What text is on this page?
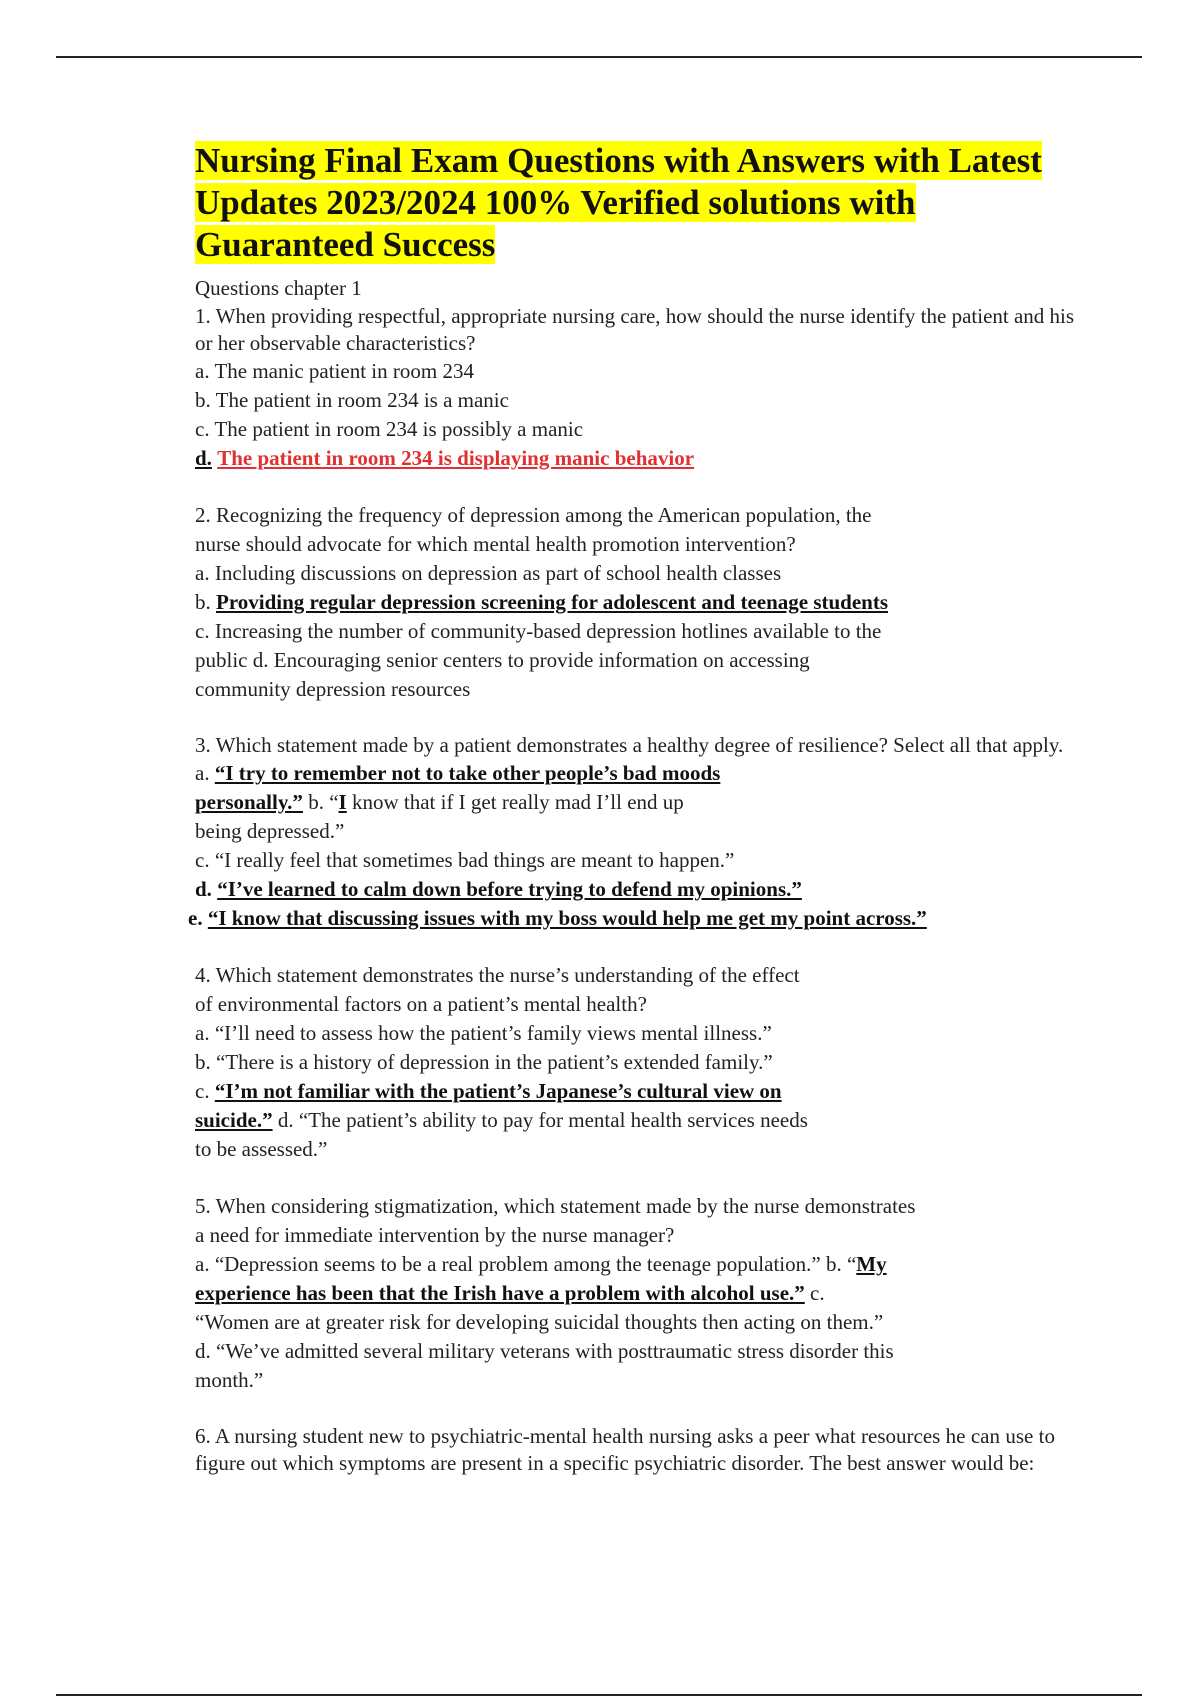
Nursing Final Exam Questions with Answers with Latest Updates 2023/2024 100% Verified solutions with Guaranteed Success

Questions chapter 1

1. When providing respectful, appropriate nursing care, how should the nurse identify the patient and his or her observable characteristics?

a. The manic patient in room 234

b. The patient in room 234 is a manic

c. The patient in room 234 is possibly a manic

d. The patient in room 234 is displaying manic behavior

2. Recognizing the frequency of depression among the American population, the

nurse should advocate for which mental health promotion intervention?

a. Including discussions on depression as part of school health classes

b. Providing regular depression screening for adolescent and teenage students

c. Increasing the number of community-based depression hotlines available to the

public d. Encouraging senior centers to provide information on accessing

community depression resources

3. Which statement made by a patient demonstrates a healthy degree of resilience? Select all that apply.

a. “I try to remember not to take other people’s bad moods

personally.” b. “I know that if I get really mad I’ll end up

being depressed.”

c. “I really feel that sometimes bad things are meant to happen.”

d. “I’ve learned to calm down before trying to defend my opinions.”

e. “I know that discussing issues with my boss would help me get my point across.”

4. Which statement demonstrates the nurse’s understanding of the effect

of environmental factors on a patient’s mental health?

a. “I’ll need to assess how the patient’s family views mental illness.”

b. “There is a history of depression in the patient’s extended family.”

c. “I’m not familiar with the patient’s Japanese’s cultural view on

suicide.” d. “The patient’s ability to pay for mental health services needs

to be assessed.”

5. When considering stigmatization, which statement made by the nurse demonstrates

a need for immediate intervention by the nurse manager?

a. “Depression seems to be a real problem among the teenage population.” b. “My

experience has been that the Irish have a problem with alcohol use.” c.

“Women are at greater risk for developing suicidal thoughts then acting on them.”

d. “We’ve admitted several military veterans with posttraumatic stress disorder this

month.”

6. A nursing student new to psychiatric-mental health nursing asks a peer what resources he can use to figure out which symptoms are present in a specific psychiatric disorder. The best answer would be:
